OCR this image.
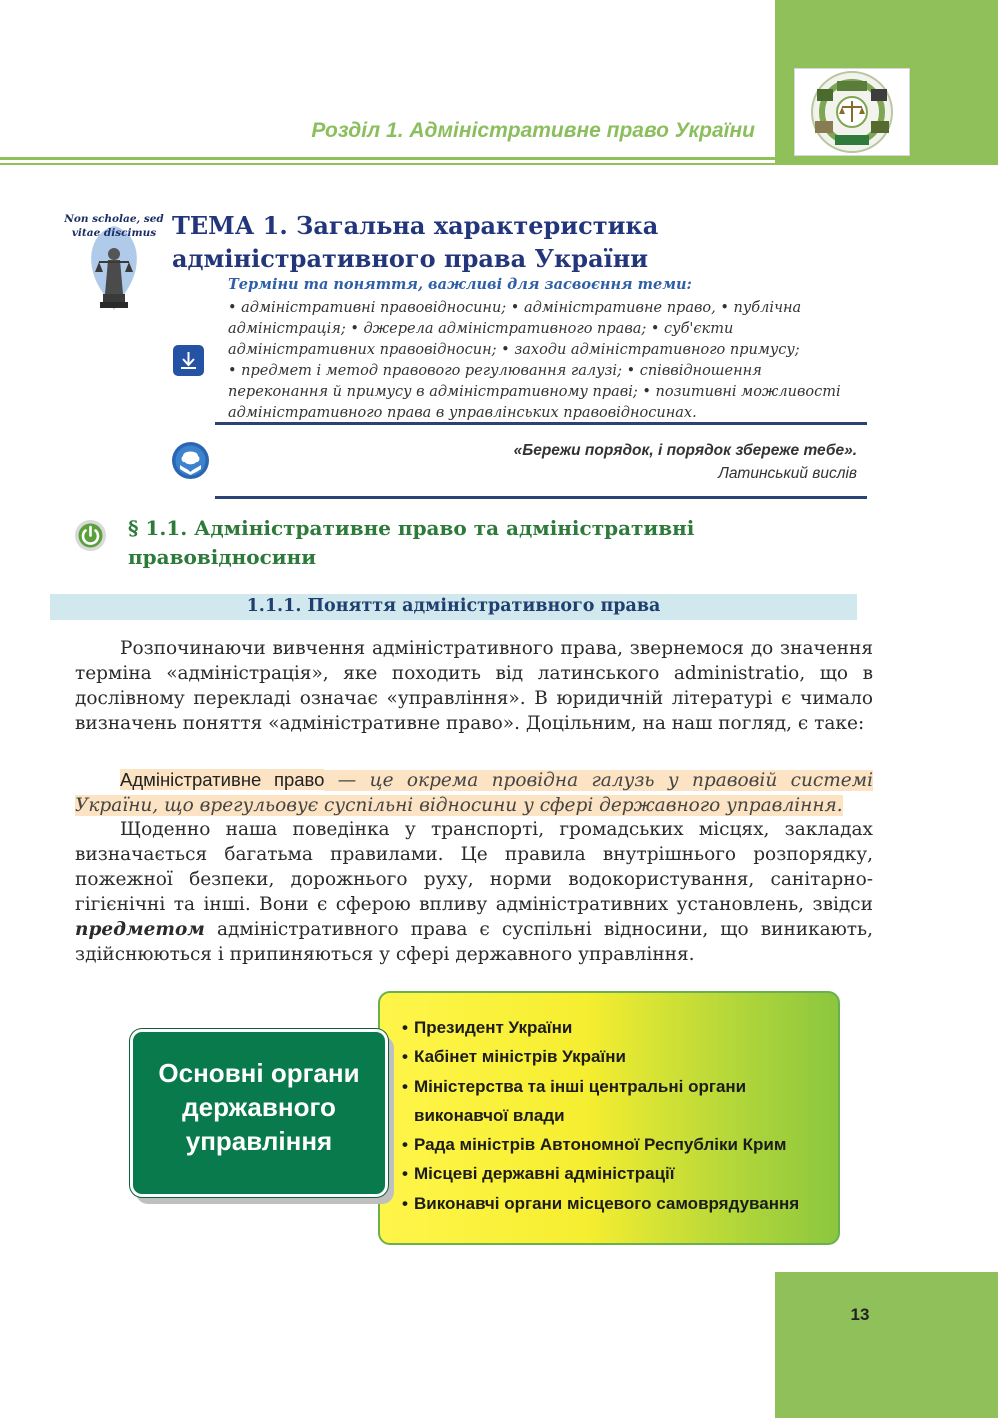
Розділ 1. Адміністративне право України
Non scholae, sed
vitae discimus ТЕМА 1. Загальна характеристика
адміністративного права України
Терміни та поняття, важливі для засвоєння теми:
• адміністративні правовідносини; • адміністративне право, • публічна
адміністрація; • джерела адміністративного права; • суб'єкти
адміністративних правовідносин; • заходи адміністративного примусу;
• предмет і метод правового регулювання галузі; • співвідношення
переконання й примусу в адміністративному праві; • позитивні можливості
адміністративного права в управлінських правовідносинах.
«Бережи порядок, і порядок збереже тебе».
Латинський вислів
§ 1.1. Адміністративне право та адміністративні
правовідносини
1.1.1. Поняття адміністративного права
Розпочинаючи вивчення адміністративного права, звернемося до значення терміна «адміністрація», яке походить від латинського administratio, що в дослівному перекладі означає «управління». В юридичній літературі є чимало визначень поняття «адміністративне право». Доцільним, на наш погляд, є таке:
Адміністративне право — це окрема провідна галузь у правовій системі України, що врегульовує суспільні відносини у сфері державного управління.
Щоденно наша поведінка у транспорті, громадських місцях, закладах визначається багатьма правилами. Це правила внутрішнього розпорядку, пожежної безпеки, дорожнього руху, норми водокористування, санітарно-гігієнічні та інші. Вони є сферою впливу адміністративних установлень, звідси предметом адміністративного права є суспільні відносини, що виникають, здійснюються і припиняються у сфері державного управління.
Основні органи
державного
управління
• Президент України
• Кабінет міністрів України
• Міністерства та інші центральні органи
виконавчої влади
• Рада міністрів Автономної Республіки Крим
• Місцеві державні адміністрації
• Виконавчі органи місцевого самоврядування
13
